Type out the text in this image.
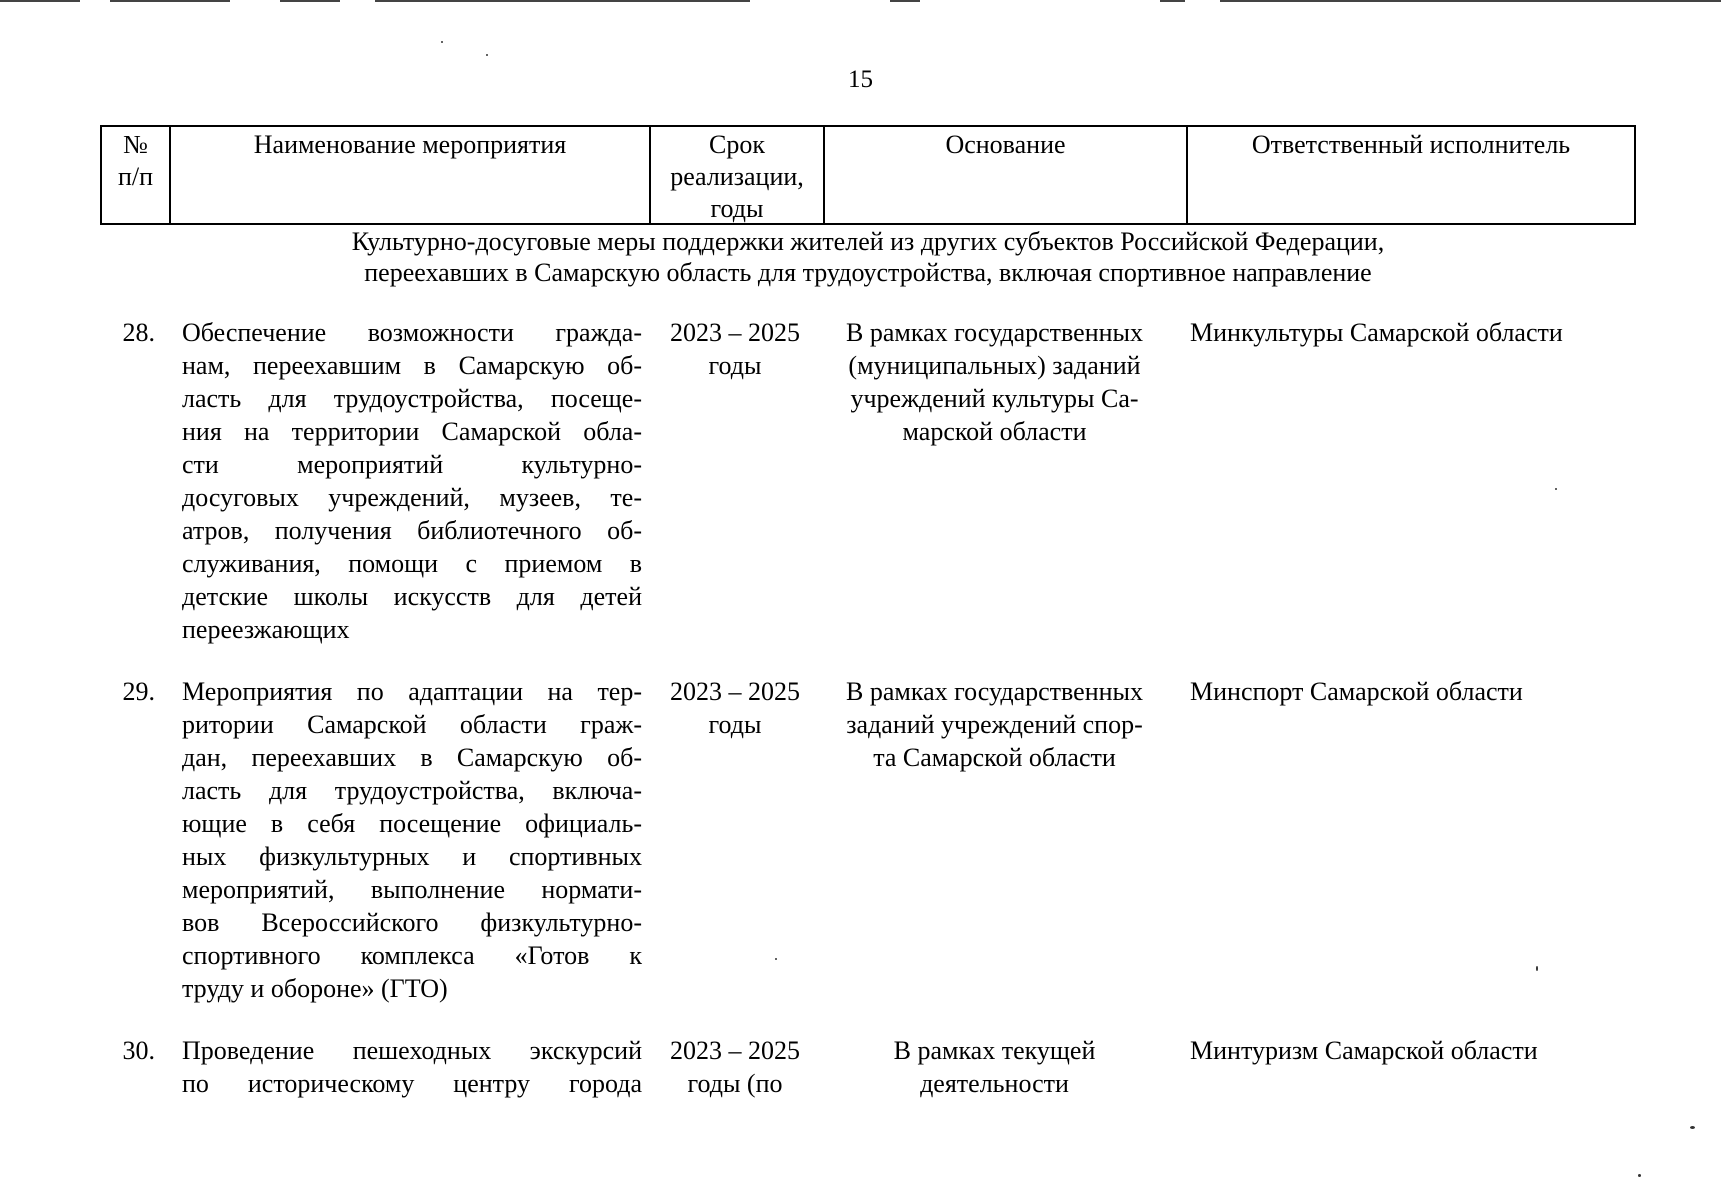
15
№
п/п
Наименование мероприятия	Срок
реализации,
годы
Основание	Ответственный исполнитель
Культурно-досуговые меры поддержки жителей из других субъектов Российской Федерации,
переехавших в Самарскую область для трудоустройства, включая спортивное направление
28. Обеспечение возможности гражда-
нам, переехавшим в Самарскую об-
ласть для трудоустройства, посеще-
ния на территории Самарской обла-
сти мероприятий культурно-
досуговых учреждений, музеев, те-
атров, получения библиотечного об-
служивания, помощи с приемом в
детские школы искусств для детей
переезжающих
2023 – 2025
годы
В рамках государственных
(муниципальных) заданий
учреждений культуры Са-
марской области
Минкультуры Самарской области
29. Мероприятия по адаптации на тер-
ритории Самарской области граж-
дан, переехавших в Самарскую об-
ласть для трудоустройства, включа-
ющие в себя посещение официаль-
ных физкультурных и спортивных
мероприятий, выполнение нормати-
вов Всероссийского физкультурно-
спортивного комплекса «Готов к
труду и обороне» (ГТО)
2023 – 2025
годы
В рамках государственных
заданий учреждений спор-
та Самарской области
Минспорт Самарской области
30. Проведение пешеходных экскурсий
по историческому центру города
2023 – 2025
годы (по
В рамках текущей
деятельности
Минтуризм Самарской области
